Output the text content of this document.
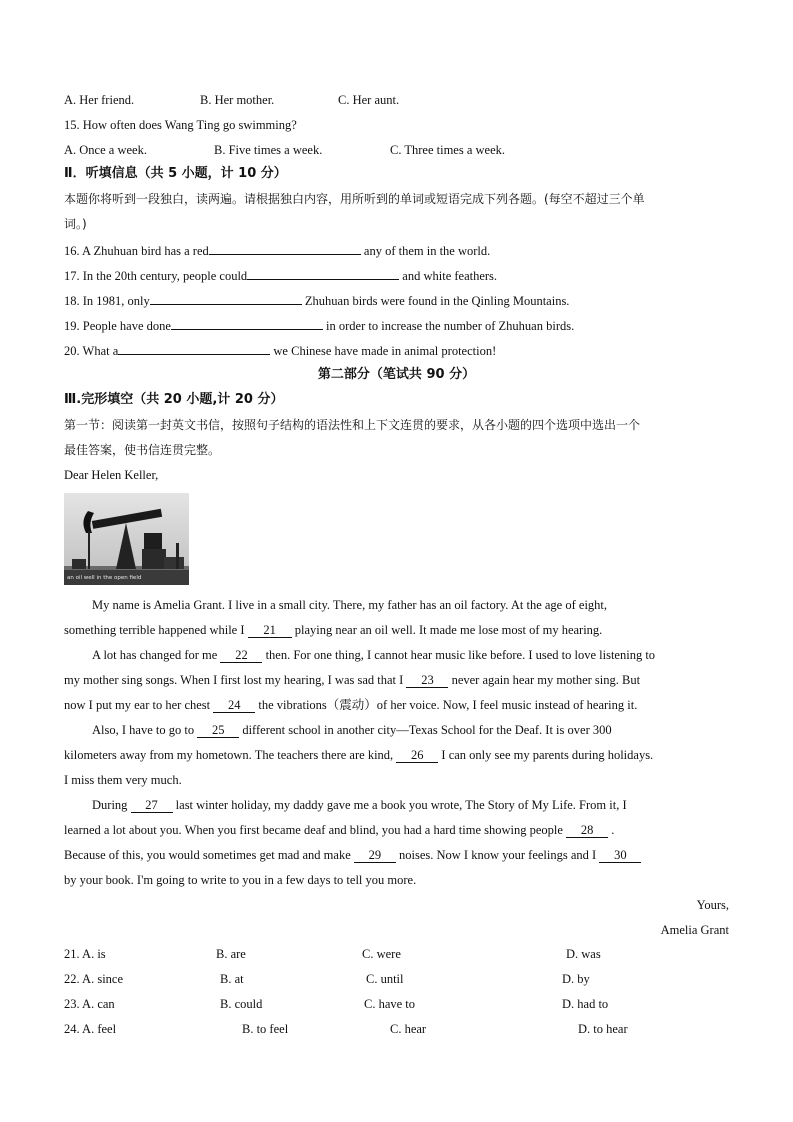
A. Her friend.	B. Her mother.	C. Her aunt.
15. How often does Wang Ting go swimming?
A. Once a week.	B. Five times a week.	C. Three times a week.
Ⅱ．听填信息（共 5 小题，计 10 分）
本题你将听到一段独白，读两遍。请根据独白内容，用所听到的单词或短语完成下列各题。(每空不超过三个单
词。)
16. A Zhuhuan bird has a red	any of them in the world.
17. In the 20th century, people could	and white feathers.
18. In 1981, only	Zhuhuan birds were found in the Qinling Mountains.
19. People have done	in order to increase the number of Zhuhuan birds.
20. What a	we Chinese have made in animal protection!
第二部分（笔试共 90 分）
Ⅲ.完形填空（共 20 小题,计 20 分）
第一节：阅读第一封英文书信，按照句子结构的语法性和上下文连贯的要求，从各小题的四个选项中选出一个
最佳答案，使书信连贯完整。
Dear Helen Keller,
an oil well in the open field
My name is Amelia Grant. I live in a small city. There, my father has an oil factory. At the age of eight,
something terrible happened while I 21 playing near an oil well. It made me lose most of my hearing.
A lot has changed for me 22 then. For one thing, I cannot hear music like before. I used to love listening to
my mother sing songs. When I first lost my hearing, I was sad that I 23 never again hear my mother sing. But
now I put my ear to her chest 24 the vibrations（震动）of her voice. Now, I feel music instead of hearing it.
Also, I have to go to 25 different school in another city—Texas School for the Deaf. It is over 300
kilometers away from my hometown. The teachers there are kind, 26 I can only see my parents during holidays.
I miss them very much.
During 27 last winter holiday, my daddy gave me a book you wrote, The Story of My Life. From it, I
learned a lot about you. When you first became deaf and blind, you had a hard time showing people 28 .
Because of this, you would sometimes get mad and make 29 noises. Now I know your feelings and I 30
by your book. I'm going to write to you in a few days to tell you more.
Yours,
Amelia Grant
21. A. is	B. are	C. were	D. was
22. A. since	B. at	C. until	D. by
23. A. can	B. could	C. have to	D. had to
24. A. feel	B. to feel	C. hear	D. to hear
